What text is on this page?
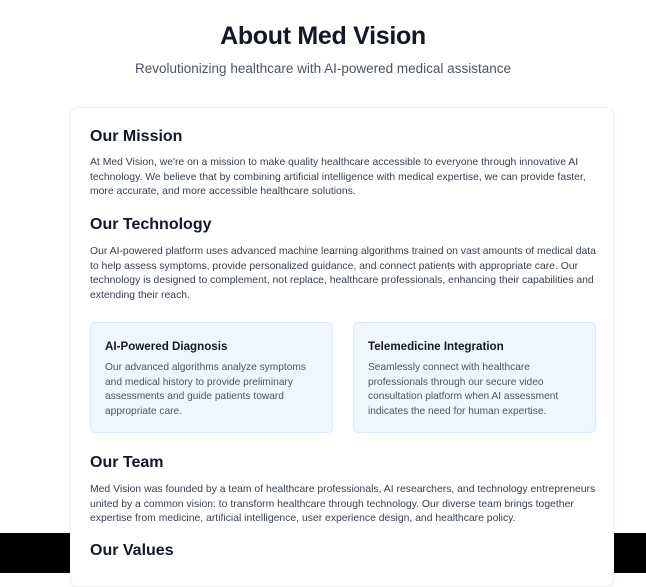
About Med Vision

Revolutionizing healthcare with AI-powered medical assistance

Our Mission

At Med Vision, we're on a mission to make quality healthcare accessible to everyone through innovative AI technology. We believe that by combining artificial intelligence with medical expertise, we can provide faster, more accurate, and more accessible healthcare solutions.

Our Technology

Our AI-powered platform uses advanced machine learning algorithms trained on vast amounts of medical data to help assess symptoms, provide personalized guidance, and connect patients with appropriate care. Our technology is designed to complement, not replace, healthcare professionals, enhancing their capabilities and extending their reach.

AI-Powered Diagnosis

Our advanced algorithms analyze symptoms and medical history to provide preliminary assessments and guide patients toward appropriate care.

Telemedicine Integration

Seamlessly connect with healthcare professionals through our secure video consultation platform when AI assessment indicates the need for human expertise.

Our Team

Med Vision was founded by a team of healthcare professionals, AI researchers, and technology entrepreneurs united by a common vision: to transform healthcare through technology. Our diverse team brings together expertise from medicine, artificial intelligence, user experience design, and healthcare policy.

Our Values
